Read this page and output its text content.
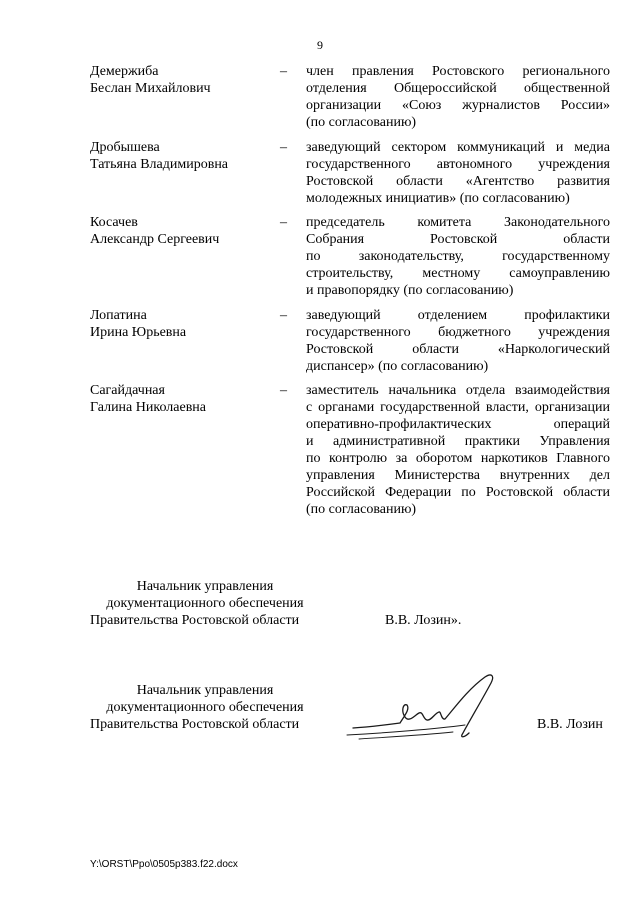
9
Демержиба
Беслан Михайлович
– член правления Ростовского регионального
отделения Общероссийской общественной
организации «Союз журналистов России»
(по согласованию)
Дробышева
Татьяна Владимировна
– заведующий сектором коммуникаций и медиа
государственного автономного учреждения
Ростовской области «Агентство развития
молодежных инициатив» (по согласованию)
Косачев
Александр Сергеевич
– председатель комитета Законодательного
Собрания Ростовской области
по законодательству, государственному
строительству, местному самоуправлению
и правопорядку (по согласованию)
Лопатина
Ирина Юрьевна
– заведующий отделением профилактики
государственного бюджетного учреждения
Ростовской области «Наркологический
диспансер» (по согласованию)
Сагайдачная
Галина Николаевна
– заместитель начальника отдела взаимодействия
с органами государственной власти, организации
оперативно-профилактических операций
и административной практики Управления
по контролю за оборотом наркотиков Главного
управления Министерства внутренних дел
Российской Федерации по Ростовской области
(по согласованию)
Начальник управления
документационного обеспечения
Правительства Ростовской области	В.В. Лозин».
Начальник управления
документационного обеспечения
Правительства Ростовской области	В.В. Лозин
Y:\ORST\Ppo\0505p383.f22.docx
